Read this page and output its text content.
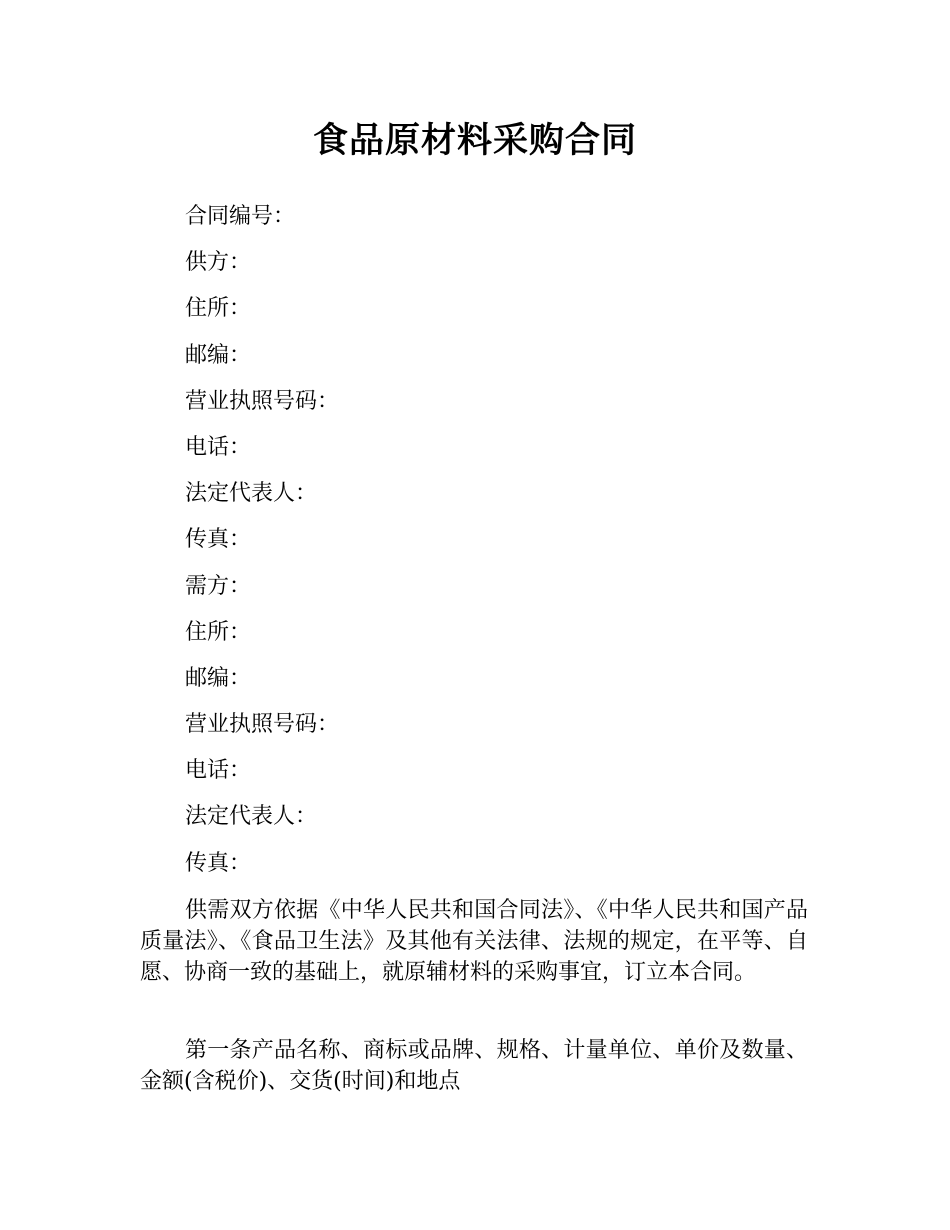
食品原材料采购合同
合同编号：
供方：
住所：
邮编：
营业执照号码：
电话：
法定代表人：
传真：
需方：
住所：
邮编：
营业执照号码：
电话：
法定代表人：
传真：

供需双方依据《中华人民共和国合同法》、《中华人民共和国产品质量法》、《食品卫生法》及其他有关法律、法规的规定，在平等、自愿、协商一致的基础上，就原辅材料的采购事宜，订立本合同。

第一条产品名称、商标或品牌、规格、计量单位、单价及数量、金额(含税价)、交货(时间)和地点
